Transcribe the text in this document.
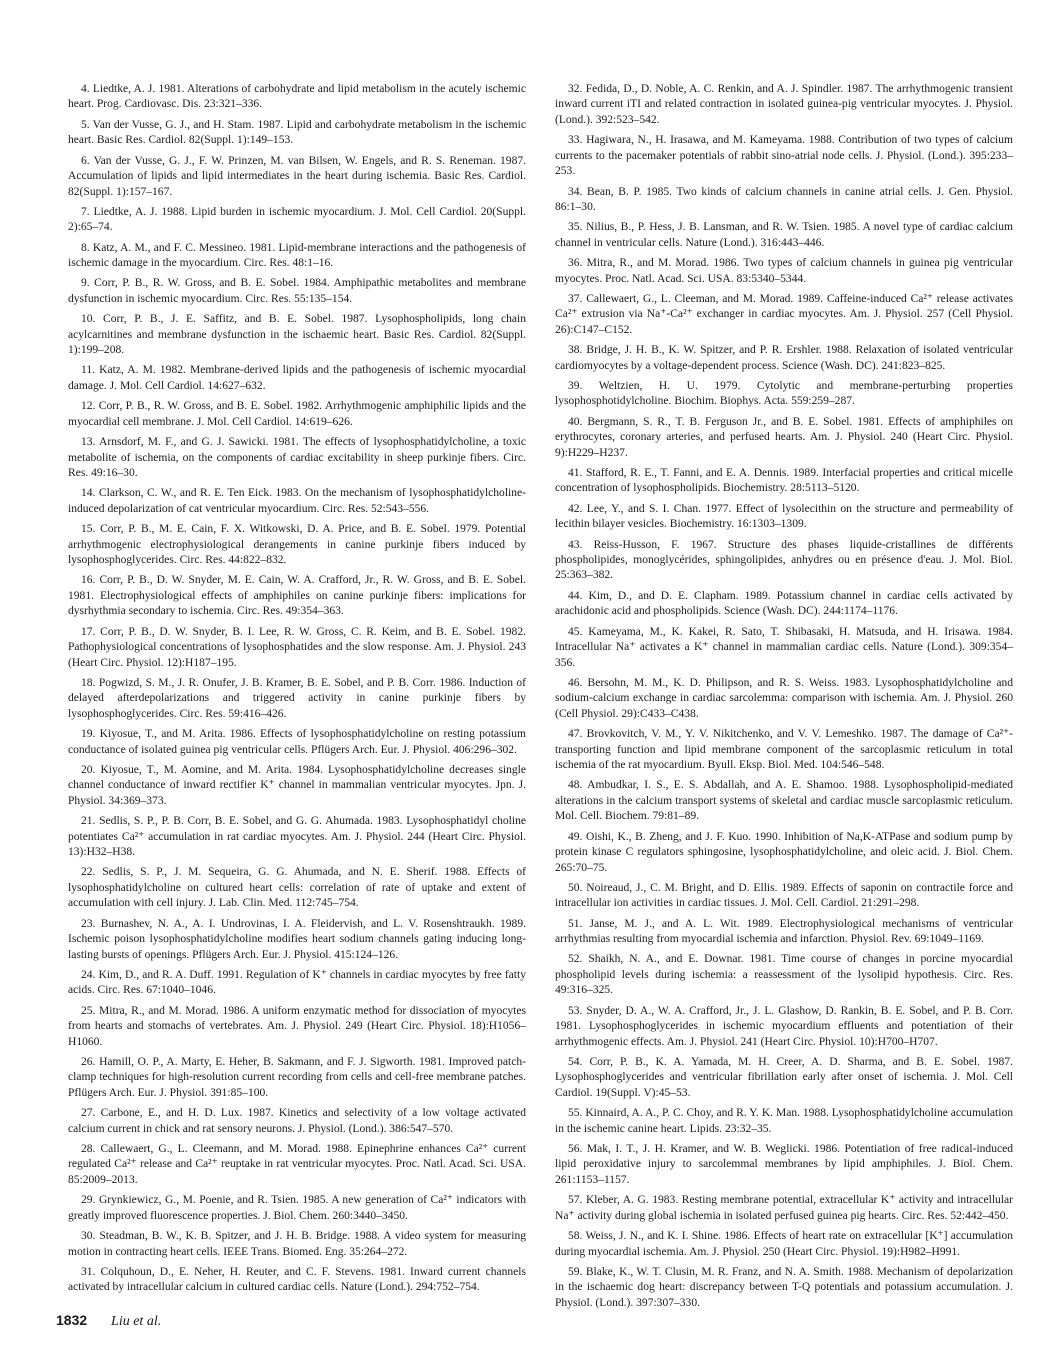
4. Liedtke, A. J. 1981. Alterations of carbohydrate and lipid metabolism in the acutely ischemic heart. Prog. Cardiovasc. Dis. 23:321–336.

5. Van der Vusse, G. J., and H. Stam. 1987. Lipid and carbohydrate metabolism in the ischemic heart. Basic Res. Cardiol. 82(Suppl. 1):149–153.

6. Van der Vusse, G. J., F. W. Prinzen, M. van Bilsen, W. Engels, and R. S. Reneman. 1987. Accumulation of lipids and lipid intermediates in the heart during ischemia. Basic Res. Cardiol. 82(Suppl. 1):157–167.

7. Liedtke, A. J. 1988. Lipid burden in ischemic myocardium. J. Mol. Cell Cardiol. 20(Suppl. 2):65–74.

8. Katz, A. M., and F. C. Messineo. 1981. Lipid-membrane interactions and the pathogenesis of ischemic damage in the myocardium. Circ. Res. 48:1–16.

9. Corr, P. B., R. W. Gross, and B. E. Sobel. 1984. Amphipathic metabolites and membrane dysfunction in ischemic myocardium. Circ. Res. 55:135–154.

10. Corr, P. B., J. E. Saffitz, and B. E. Sobel. 1987. Lysophospholipids, long chain acylcarnitines and membrane dysfunction in the ischaemic heart. Basic Res. Cardiol. 82(Suppl. 1):199–208.

11. Katz, A. M. 1982. Membrane-derived lipids and the pathogenesis of ischemic myocardial damage. J. Mol. Cell Cardiol. 14:627–632.

12. Corr, P. B., R. W. Gross, and B. E. Sobel. 1982. Arrhythmogenic amphiphilic lipids and the myocardial cell membrane. J. Mol. Cell Cardiol. 14:619–626.

13. Arnsdorf, M. F., and G. J. Sawicki. 1981. The effects of lysophosphatidylcholine, a toxic metabolite of ischemia, on the components of cardiac excitability in sheep purkinje fibers. Circ. Res. 49:16–30.

14. Clarkson, C. W., and R. E. Ten Eick. 1983. On the mechanism of lysophosphatidylcholine-induced depolarization of cat ventricular myocardium. Circ. Res. 52:543–556.

15. Corr, P. B., M. E. Cain, F. X. Witkowski, D. A. Price, and B. E. Sobel. 1979. Potential arrhythmogenic electrophysiological derangements in canine purkinje fibers induced by lysophosphoglycerides. Circ. Res. 44:822–832.

16. Corr, P. B., D. W. Snyder, M. E. Cain, W. A. Crafford, Jr., R. W. Gross, and B. E. Sobel. 1981. Electrophysiological effects of amphiphiles on canine purkinje fibers: implications for dysrhythmia secondary to ischemia. Circ. Res. 49:354–363.

17. Corr, P. B., D. W. Snyder, B. I. Lee, R. W. Gross, C. R. Keim, and B. E. Sobel. 1982. Pathophysiological concentrations of lysophosphatides and the slow response. Am. J. Physiol. 243 (Heart Circ. Physiol. 12):H187–195.

18. Pogwizd, S. M., J. R. Onufer, J. B. Kramer, B. E. Sobel, and P. B. Corr. 1986. Induction of delayed afterdepolarizations and triggered activity in canine purkinje fibers by lysophosphoglycerides. Circ. Res. 59:416–426.

19. Kiyosue, T., and M. Arita. 1986. Effects of lysophosphatidylcholine on resting potassium conductance of isolated guinea pig ventricular cells. Pflügers Arch. Eur. J. Physiol. 406:296–302.

20. Kiyosue, T., M. Aomine, and M. Arita. 1984. Lysophosphatidylcholine decreases single channel conductance of inward rectifier K⁺ channel in mammalian ventricular myocytes. Jpn. J. Physiol. 34:369–373.

21. Sedlis, S. P., P. B. Corr, B. E. Sobel, and G. G. Ahumada. 1983. Lysophosphatidyl choline potentiates Ca²⁺ accumulation in rat cardiac myocytes. Am. J. Physiol. 244 (Heart Circ. Physiol. 13):H32–H38.

22. Sedlis, S. P., J. M. Sequeira, G. G. Ahumada, and N. E. Sherif. 1988. Effects of lysophosphatidylcholine on cultured heart cells: correlation of rate of uptake and extent of accumulation with cell injury. J. Lab. Clin. Med. 112:745–754.

23. Burnashev, N. A., A. I. Undrovinas, I. A. Fleidervish, and L. V. Rosenshtraukh. 1989. Ischemic poison lysophosphatidylcholine modifies heart sodium channels gating inducing long-lasting bursts of openings. Pflügers Arch. Eur. J. Physiol. 415:124–126.

24. Kim, D., and R. A. Duff. 1991. Regulation of K⁺ channels in cardiac myocytes by free fatty acids. Circ. Res. 67:1040–1046.

25. Mitra, R., and M. Morad. 1986. A uniform enzymatic method for dissociation of myocytes from hearts and stomachs of vertebrates. Am. J. Physiol. 249 (Heart Circ. Physiol. 18):H1056–H1060.

26. Hamill, O. P., A. Marty, E. Heher, B. Sakmann, and F. J. Sigworth. 1981. Improved patch-clamp techniques for high-resolution current recording from cells and cell-free membrane patches. Pflügers Arch. Eur. J. Physiol. 391:85–100.

27. Carbone, E., and H. D. Lux. 1987. Kinetics and selectivity of a low voltage activated calcium current in chick and rat sensory neurons. J. Physiol. (Lond.). 386:547–570.

28. Callewaert, G., L. Cleemann, and M. Morad. 1988. Epinephrine enhances Ca²⁺ current regulated Ca²⁺ release and Ca²⁺ reuptake in rat ventricular myocytes. Proc. Natl. Acad. Sci. USA. 85:2009–2013.

29. Grynkiewicz, G., M. Poenie, and R. Tsien. 1985. A new generation of Ca²⁺ indicators with greatly improved fluorescence properties. J. Biol. Chem. 260:3440–3450.

30. Steadman, B. W., K. B. Spitzer, and J. H. B. Bridge. 1988. A video system for measuring motion in contracting heart cells. IEEE Trans. Biomed. Eng. 35:264–272.

31. Colquhoun, D., E. Neher, H. Reuter, and C. F. Stevens. 1981. Inward current channels activated by intracellular calcium in cultured cardiac cells. Nature (Lond.). 294:752–754.

32. Fedida, D., D. Noble, A. C. Renkin, and A. J. Spindler. 1987. The arrhythmogenic transient inward current iTI and related contraction in isolated guinea-pig ventricular myocytes. J. Physiol. (Lond.). 392:523–542.

33. Hagiwara, N., H. Irasawa, and M. Kameyama. 1988. Contribution of two types of calcium currents to the pacemaker potentials of rabbit sino-atrial node cells. J. Physiol. (Lond.). 395:233–253.

34. Bean, B. P. 1985. Two kinds of calcium channels in canine atrial cells. J. Gen. Physiol. 86:1–30.

35. Nilius, B., P. Hess, J. B. Lansman, and R. W. Tsien. 1985. A novel type of cardiac calcium channel in ventricular cells. Nature (Lond.). 316:443–446.

36. Mitra, R., and M. Morad. 1986. Two types of calcium channels in guinea pig ventricular myocytes. Proc. Natl. Acad. Sci. USA. 83:5340–5344.

37. Callewaert, G., L. Cleeman, and M. Morad. 1989. Caffeine-induced Ca²⁺ release activates Ca²⁺ extrusion via Na⁺-Ca²⁺ exchanger in cardiac myocytes. Am. J. Physiol. 257 (Cell Physiol. 26):C147–C152.

38. Bridge, J. H. B., K. W. Spitzer, and P. R. Ershler. 1988. Relaxation of isolated ventricular cardiomyocytes by a voltage-dependent process. Science (Wash. DC). 241:823–825.

39. Weltzien, H. U. 1979. Cytolytic and membrane-perturbing properties lysophosphotidylcholine. Biochim. Biophys. Acta. 559:259–287.

40. Bergmann, S. R., T. B. Ferguson Jr., and B. E. Sobel. 1981. Effects of amphiphiles on erythrocytes, coronary arteries, and perfused hearts. Am. J. Physiol. 240 (Heart Circ. Physiol. 9):H229–H237.

41. Stafford, R. E., T. Fanni, and E. A. Dennis. 1989. Interfacial properties and critical micelle concentration of lysophospholipids. Biochemistry. 28:5113–5120.

42. Lee, Y., and S. I. Chan. 1977. Effect of lysolecithin on the structure and permeability of lecithin bilayer vesicles. Biochemistry. 16:1303–1309.

43. Reiss-Husson, F. 1967. Structure des phases liquide-cristallines de différents phospholipides, monoglycérides, sphingolipides, anhydres ou en présence d'eau. J. Mol. Biol. 25:363–382.

44. Kim, D., and D. E. Clapham. 1989. Potassium channel in cardiac cells activated by arachidonic acid and phospholipids. Science (Wash. DC). 244:1174–1176.

45. Kameyama, M., K. Kakei, R. Sato, T. Shibasaki, H. Matsuda, and H. Irisawa. 1984. Intracellular Na⁺ activates a K⁺ channel in mammalian cardiac cells. Nature (Lond.). 309:354–356.

46. Bersohn, M. M., K. D. Philipson, and R. S. Weiss. 1983. Lysophosphatidylcholine and sodium-calcium exchange in cardiac sarcolemma: comparison with ischemia. Am. J. Physiol. 260 (Cell Physiol. 29):C433–C438.

47. Brovkovitch, V. M., Y. V. Nikitchenko, and V. V. Lemeshko. 1987. The damage of Ca²⁺-transporting function and lipid membrane component of the sarcoplasmic reticulum in total ischemia of the rat myocardium. Byull. Eksp. Biol. Med. 104:546–548.

48. Ambudkar, I. S., E. S. Abdallah, and A. E. Shamoo. 1988. Lysophospholipid-mediated alterations in the calcium transport systems of skeletal and cardiac muscle sarcoplasmic reticulum. Mol. Cell. Biochem. 79:81–89.

49. Oishi, K., B. Zheng, and J. F. Kuo. 1990. Inhibition of Na,K-ATPase and sodium pump by protein kinase C regulators sphingosine, lysophosphatidylcholine, and oleic acid. J. Biol. Chem. 265:70–75.

50. Noireaud, J., C. M. Bright, and D. Ellis. 1989. Effects of saponin on contractile force and intracellular ion activities in cardiac tissues. J. Mol. Cell. Cardiol. 21:291–298.

51. Janse, M. J., and A. L. Wit. 1989. Electrophysiological mechanisms of ventricular arrhythmias resulting from myocardial ischemia and infarction. Physiol. Rev. 69:1049–1169.

52. Shaikh, N. A., and E. Downar. 1981. Time course of changes in porcine myocardial phospholipid levels during ischemia: a reassessment of the lysolipid hypothesis. Circ. Res. 49:316–325.

53. Snyder, D. A., W. A. Crafford, Jr., J. L. Glashow, D. Rankin, B. E. Sobel, and P. B. Corr. 1981. Lysophosphoglycerides in ischemic myocardium effluents and potentiation of their arrhythmogenic effects. Am. J. Physiol. 241 (Heart Circ. Physiol. 10):H700–H707.

54. Corr, P. B., K. A. Yamada, M. H. Creer, A. D. Sharma, and B. E. Sobel. 1987. Lysophosphoglycerides and ventricular fibrillation early after onset of ischemia. J. Mol. Cell Cardiol. 19(Suppl. V):45–53.

55. Kinnaird, A. A., P. C. Choy, and R. Y. K. Man. 1988. Lysophosphatidylcholine accumulation in the ischemic canine heart. Lipids. 23:32–35.

56. Mak, I. T., J. H. Kramer, and W. B. Weglicki. 1986. Potentiation of free radical-induced lipid peroxidative injury to sarcolemmal membranes by lipid amphiphiles. J. Biol. Chem. 261:1153–1157.

57. Kleber, A. G. 1983. Resting membrane potential, extracellular K⁺ activity and intracellular Na⁺ activity during global ischemia in isolated perfused guinea pig hearts. Circ. Res. 52:442–450.

58. Weiss, J. N., and K. I. Shine. 1986. Effects of heart rate on extracellular [K⁺] accumulation during myocardial ischemia. Am. J. Physiol. 250 (Heart Circ. Physiol. 19):H982–H991.

59. Blake, K., W. T. Clusin, M. R. Franz, and N. A. Smith. 1988. Mechanism of depolarization in the ischaemic dog heart: discrepancy between T-Q potentials and potassium accumulation. J. Physiol. (Lond.). 397:307–330.

1832 Liu et al.
